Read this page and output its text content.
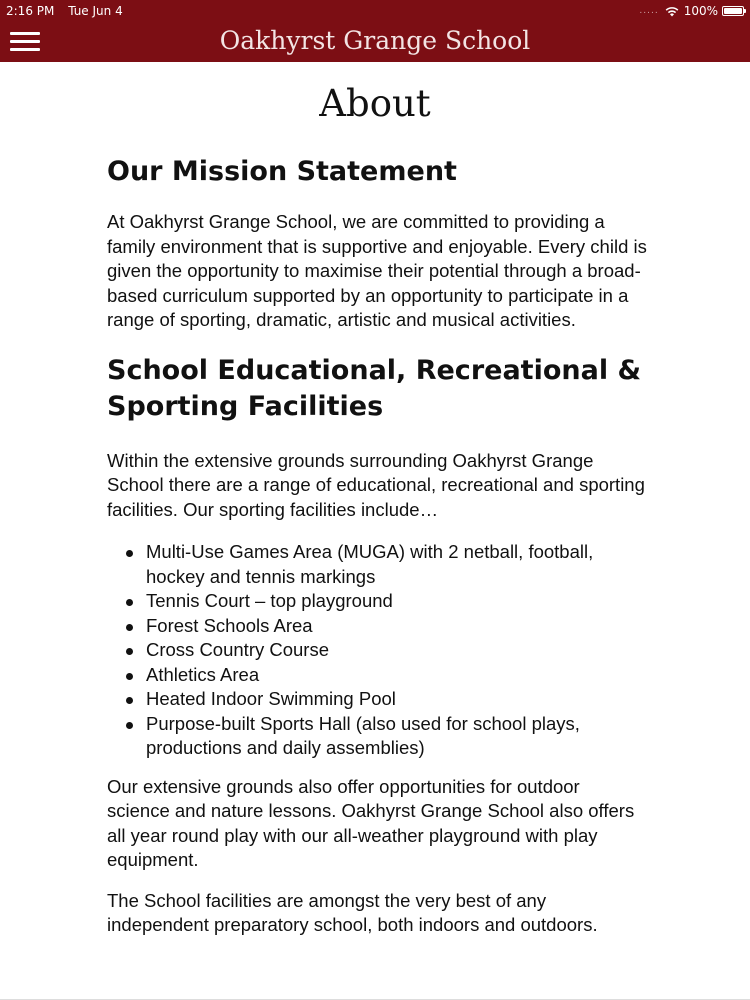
2:16 PM Tue Jun 4	..... 100%
Oakhyrst Grange School
About
Our Mission Statement

At Oakhyrst Grange School, we are committed to providing a family environment that is supportive and enjoyable. Every child is given the opportunity to maximise their potential through a broad-based curriculum supported by an opportunity to participate in a range of sporting, dramatic, artistic and musical activities.

School Educational, Recreational & Sporting Facilities

Within the extensive grounds surrounding Oakhyrst Grange School there are a range of educational, recreational and sporting facilities. Our sporting facilities include…

Multi-Use Games Area (MUGA) with 2 netball, football, hockey and tennis markings
Tennis Court – top playground
Forest Schools Area
Cross Country Course
Athletics Area
Heated Indoor Swimming Pool
Purpose-built Sports Hall (also used for school plays, productions and daily assemblies)

Our extensive grounds also offer opportunities for outdoor science and nature lessons. Oakhyrst Grange School also offers all year round play with our all-weather playground with play equipment.

The School facilities are amongst the very best of any independent preparatory school, both indoors and outdoors.
